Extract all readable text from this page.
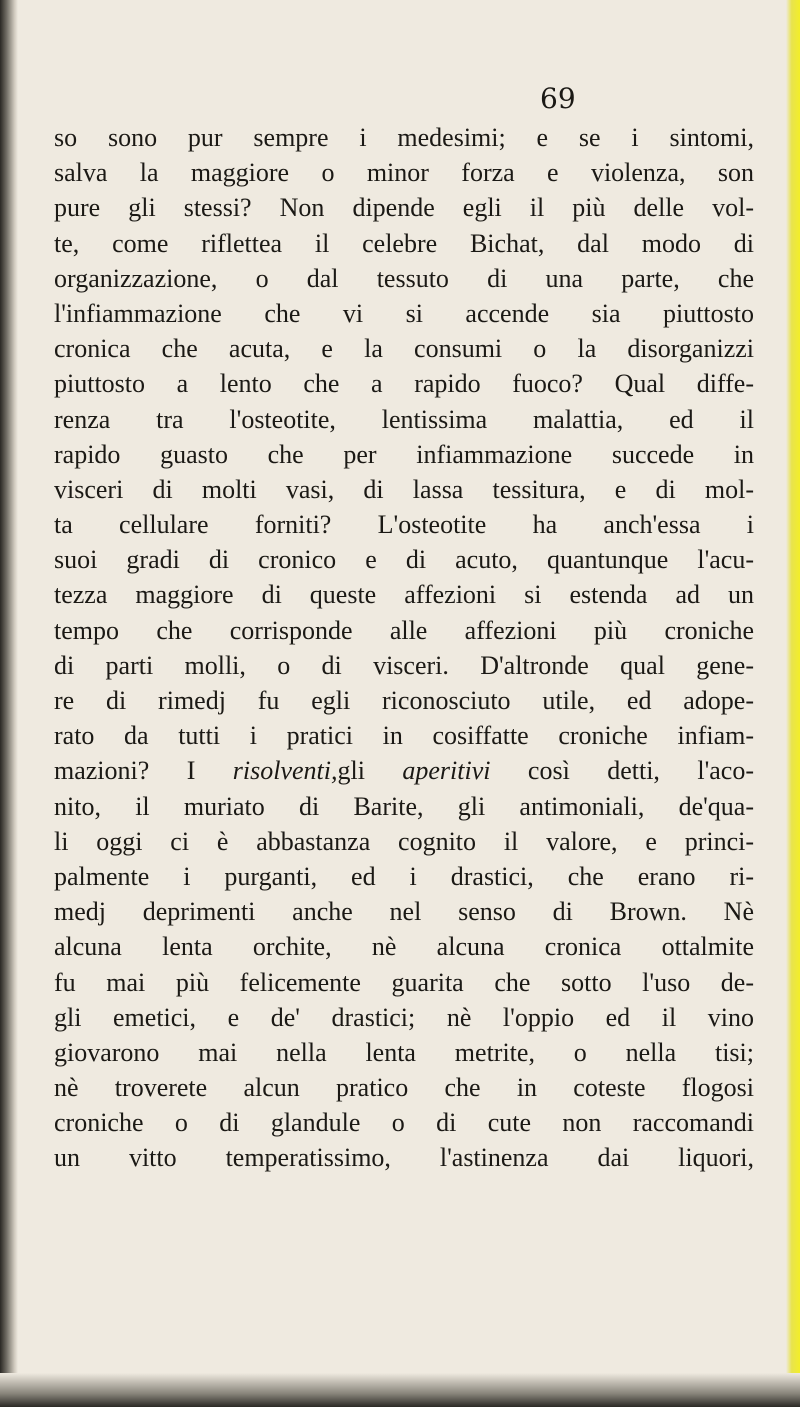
69

so sono pur sempre i medesimi; e se i sintomi,
salva la maggiore o minor forza e violenza, son
pure gli stessi? Non dipende egli il più delle vol-
te, come riflettea il celebre Bichat, dal modo di
organizzazione, o dal tessuto di una parte, che
l'infiammazione che vi si accende sia piuttosto
cronica che acuta, e la consumi o la disorganizzi
piuttosto a lento che a rapido fuoco? Qual diffe-
renza tra l'osteotite, lentissima malattia, ed il
rapido guasto che per infiammazione succede in
visceri di molti vasi, di lassa tessitura, e di mol-
ta cellulare forniti? L'osteotite ha anch'essa i
suoi gradi di cronico e di acuto, quantunque l'acu-
tezza maggiore di queste affezioni si estenda ad un
tempo che corrisponde alle affezioni più croniche
di parti molli, o di visceri. D'altronde qual gene-
re di rimedj fu egli riconosciuto utile, ed adope-
rato da tutti i pratici in cosiffatte croniche infiam-
mazioni? I risolventi,gli aperitivi così detti, l'aco-
nito, il muriato di Barite, gli antimoniali, de'qua-
li oggi ci è abbastanza cognito il valore, e princi-
palmente i purganti, ed i drastici, che erano ri-
medj deprimenti anche nel senso di Brown. Nè
alcuna lenta orchite, nè alcuna cronica ottalmite
fu mai più felicemente guarita che sotto l'uso de-
gli emetici, e de' drastici; nè l'oppio ed il vino
giovarono mai nella lenta metrite, o nella tisi;
nè troverete alcun pratico che in coteste flogosi
croniche o di glandule o di cute non raccomandi
un vitto temperatissimo, l'astinenza dai liquori,
